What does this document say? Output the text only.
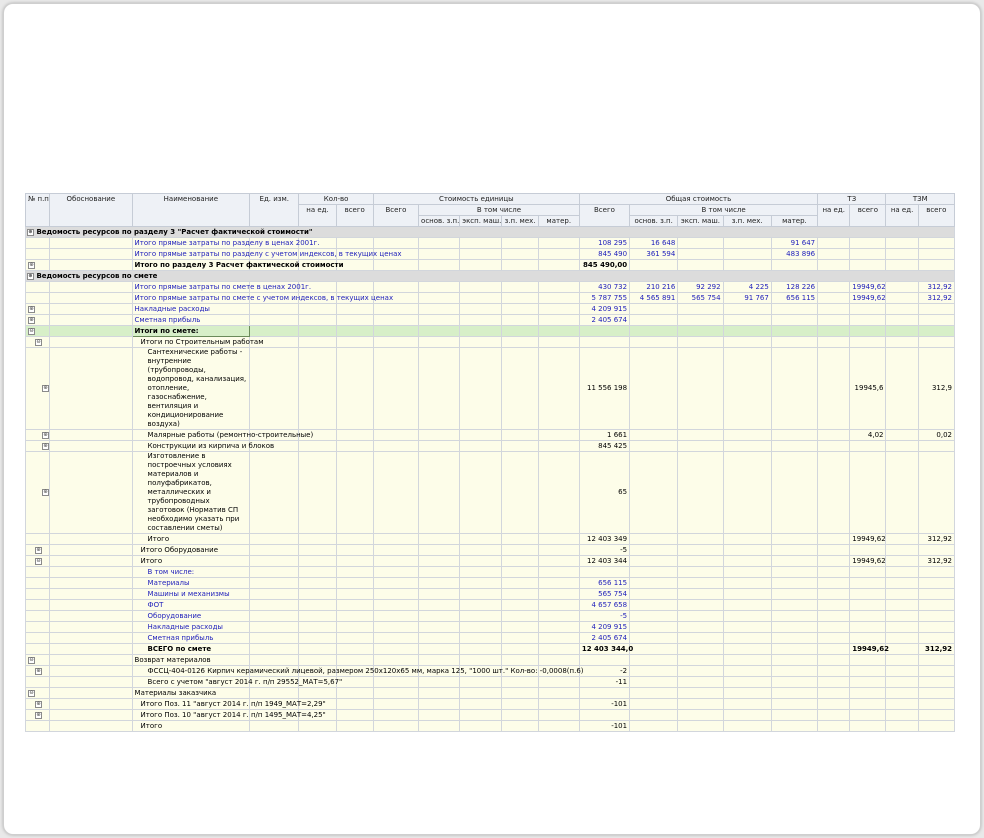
№ п.п	Обоснование	Наименование	Ед. изм.	Кол-во		Стоимость единицы					Общая стоимость					ТЗ		ТЗМ	
				на ед.	всего	Всего	В том числе				Всего	В том числе				на ед.	всего	на ед.	всего
							основ. з.п.	эксп. маш.	з.п. мех.	матер.		основ. з.п.	эксп. маш.	з.п. мех.	матер.				
⊕ Ведомость ресурсов по разделу 3 "Расчет фактической стоимости"																			
		Итого прямые затраты по разделу в ценах 2001г.									108 295	16 648			91 647				
		Итого прямые затраты по разделу с учетом индексов, в текущих ценах									845 490	361 594			483 896				
⊕		Итого по разделу 3 Расчет фактической стоимости									845 490,00								
⊕ Ведомость ресурсов по смете																			
		Итого прямые затраты по смете в ценах 2001г.									430 732	210 216	92 292	4 225	128 226		19949,62		312,92
		Итого прямые затраты по смете с учетом индексов, в текущих ценах									5 787 755	4 565 891	565 754	91 767	656 115		19949,62		312,92
⊕		Накладные расходы									4 209 915								
⊕		Сметная прибыль									2 405 674								
⊖		Итоги по смете:																	
⊖		Итоги по Строительным работам																	
⊕		Сантехнические работы - внутренние (трубопроводы, водопровод, канализация, отопление, газоснабжение, вентиляция и кондиционирование воздуха)									11 556 198						19945,6		312,9
⊕		Малярные работы (ремонтно-строительные)									1 661						4,02		0,02
⊕		Конструкции из кирпича и блоков									845 425								
⊕		Изготовление в построечных условиях материалов и полуфабрикатов, металлических и трубопроводных заготовок (Норматив СП необходимо указать при составлении сметы)									65								
		Итого									12 403 349						19949,62		312,92
⊕		Итого Оборудование									-5								
⊖		Итого									12 403 344						19949,62		312,92
		В том числе:																	
		Материалы									656 115								
		Машины и механизмы									565 754								
		ФОТ									4 657 658								
		Оборудование									-5								
		Накладные расходы									4 209 915								
		Сметная прибыль									2 405 674								
		ВСЕГО по смете									12 403 344,0						19949,62		312,92
⊖		Возврат материалов																	
⊕		ФССЦ-404-0126 Кирпич керамический лицевой, размером 250х120х65 мм, марка 125, "1000 шт." Кол-во: -0,0008(п.6)									-2								
		Всего с учетом "август 2014 г. п/п 29552_МАТ=5,67"									-11								
⊖		Материалы заказчика																	
⊕		Итого Поз. 11 "август 2014 г. п/п 1949_МАТ=2,29"									-101								
⊕		Итого Поз. 10 "август 2014 г. п/п 1495_МАТ=4,25"																	
		Итого									-101								
